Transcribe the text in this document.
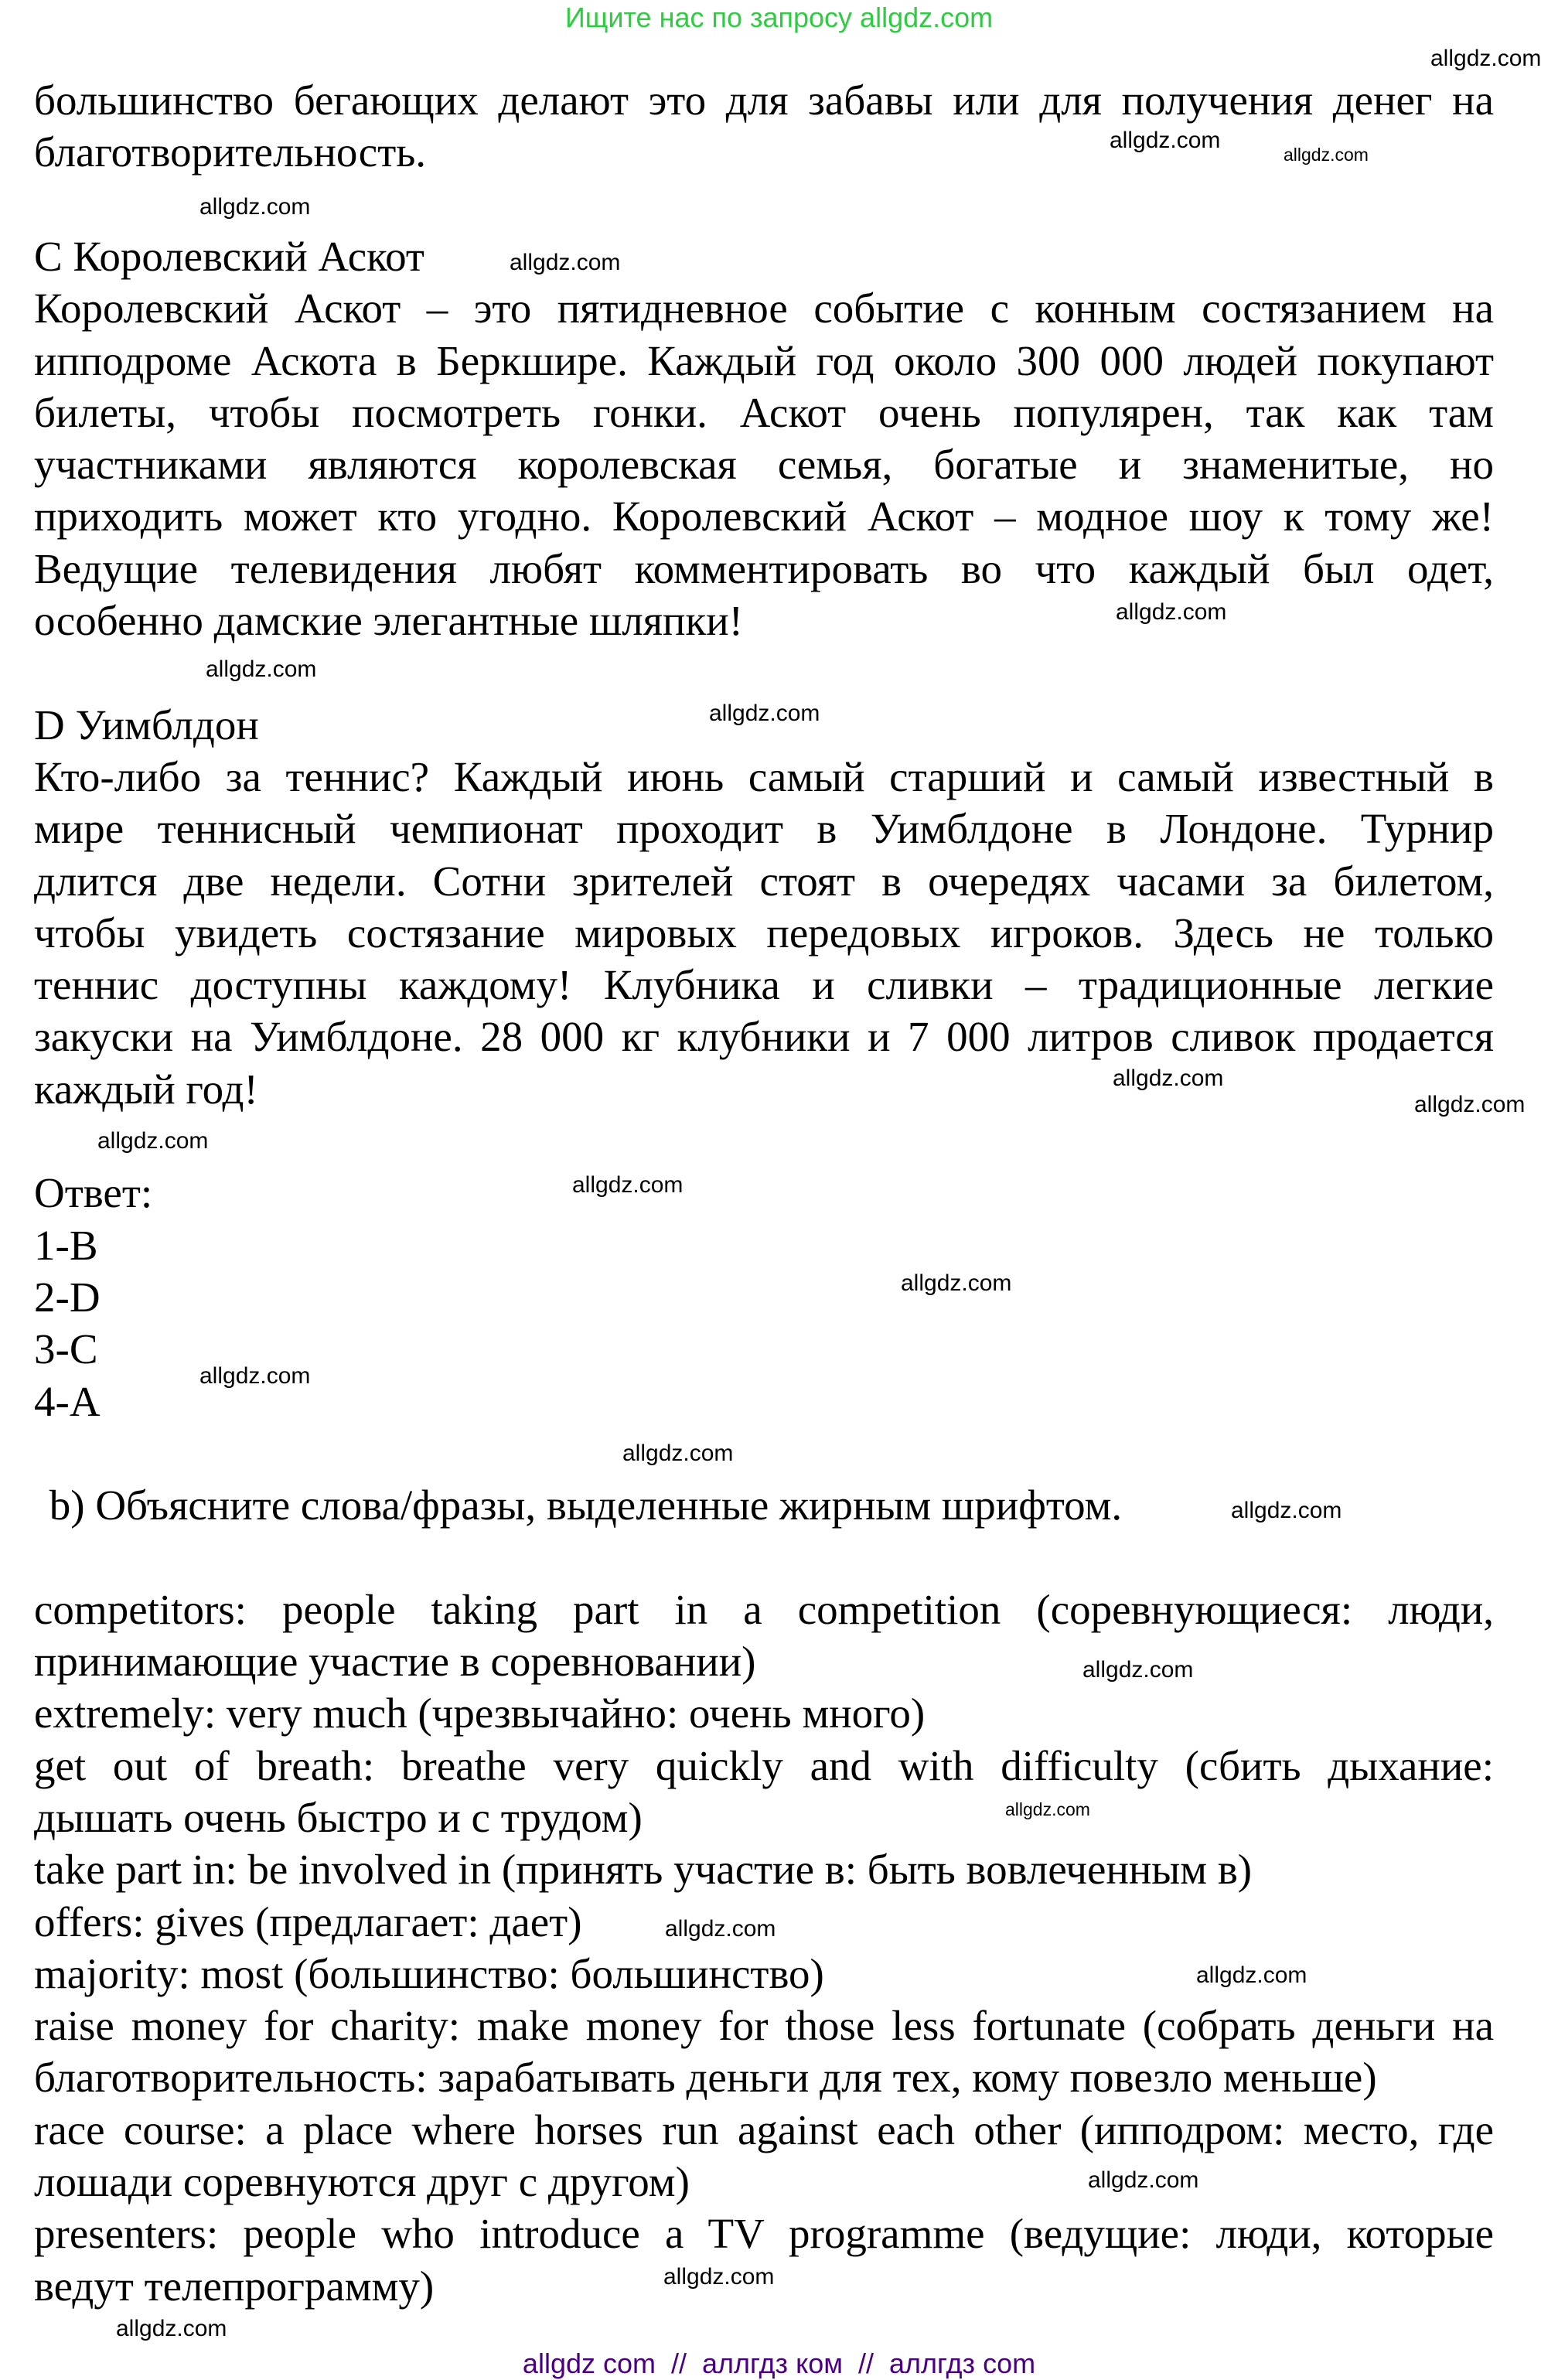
Ищите нас по запросу allgdz.com
большинство бегающих делают это для забавы или для получения денег на
благотворительность.
C Королевский Аскот
Королевский Аскот – это пятидневное событие с конным состязанием на
ипподроме Аскота в Беркшире. Каждый год около 300 000 людей покупают
билеты, чтобы посмотреть гонки. Аскот очень популярен, так как там
участниками являются королевская семья, богатые и знаменитые, но
приходить может кто угодно. Королевский Аскот – модное шоу к тому же!
Ведущие телевидения любят комментировать во что каждый был одет,
особенно дамские элегантные шляпки!
D Уимблдон
Кто-либо за теннис? Каждый июнь самый старший и самый известный в
мире теннисный чемпионат проходит в Уимблдоне в Лондоне. Турнир
длится две недели. Сотни зрителей стоят в очередях часами за билетом,
чтобы увидеть состязание мировых передовых игроков. Здесь не только
теннис доступны каждому! Клубника и сливки – традиционные легкие
закуски на Уимблдоне. 28 000 кг клубники и 7 000 литров сливок продается
каждый год!
Ответ:
1-B
2-D
3-C
4-A
b) Объясните слова/фразы, выделенные жирным шрифтом.
competitors: people taking part in a competition (соревнующиеся: люди,
принимающие участие в соревновании)
extremely: very much (чрезвычайно: очень много)
get out of breath: breathe very quickly and with difficulty (сбить дыхание:
дышать очень быстро и с трудом)
take part in: be involved in (принять участие в: быть вовлеченным в)
offers: gives (предлагает: дает)
majority: most (большинство: большинство)
raise money for charity: make money for those less fortunate (собрать деньги на
благотворительность: зарабатывать деньги для тех, кому повезло меньше)
race course: a place where horses run against each other (ипподром: место, где
лошади соревнуются друг с другом)
presenters: people who introduce a TV programme (ведущие: люди, которые
ведут телепрограмму)
allgdz.com
allgdz.com
allgdz.com
allgdz.com
allgdz.com
allgdz.com
allgdz.com
allgdz.com
allgdz.com
allgdz.com
allgdz.com
allgdz.com
allgdz.com
allgdz.com
allgdz.com
allgdz.com
allgdz.com
allgdz.com
allgdz.com
allgdz.com
allgdz.com
allgdz.com
allgdz.com
allgdz com  //  аллгдз ком  //  аллгдз com
